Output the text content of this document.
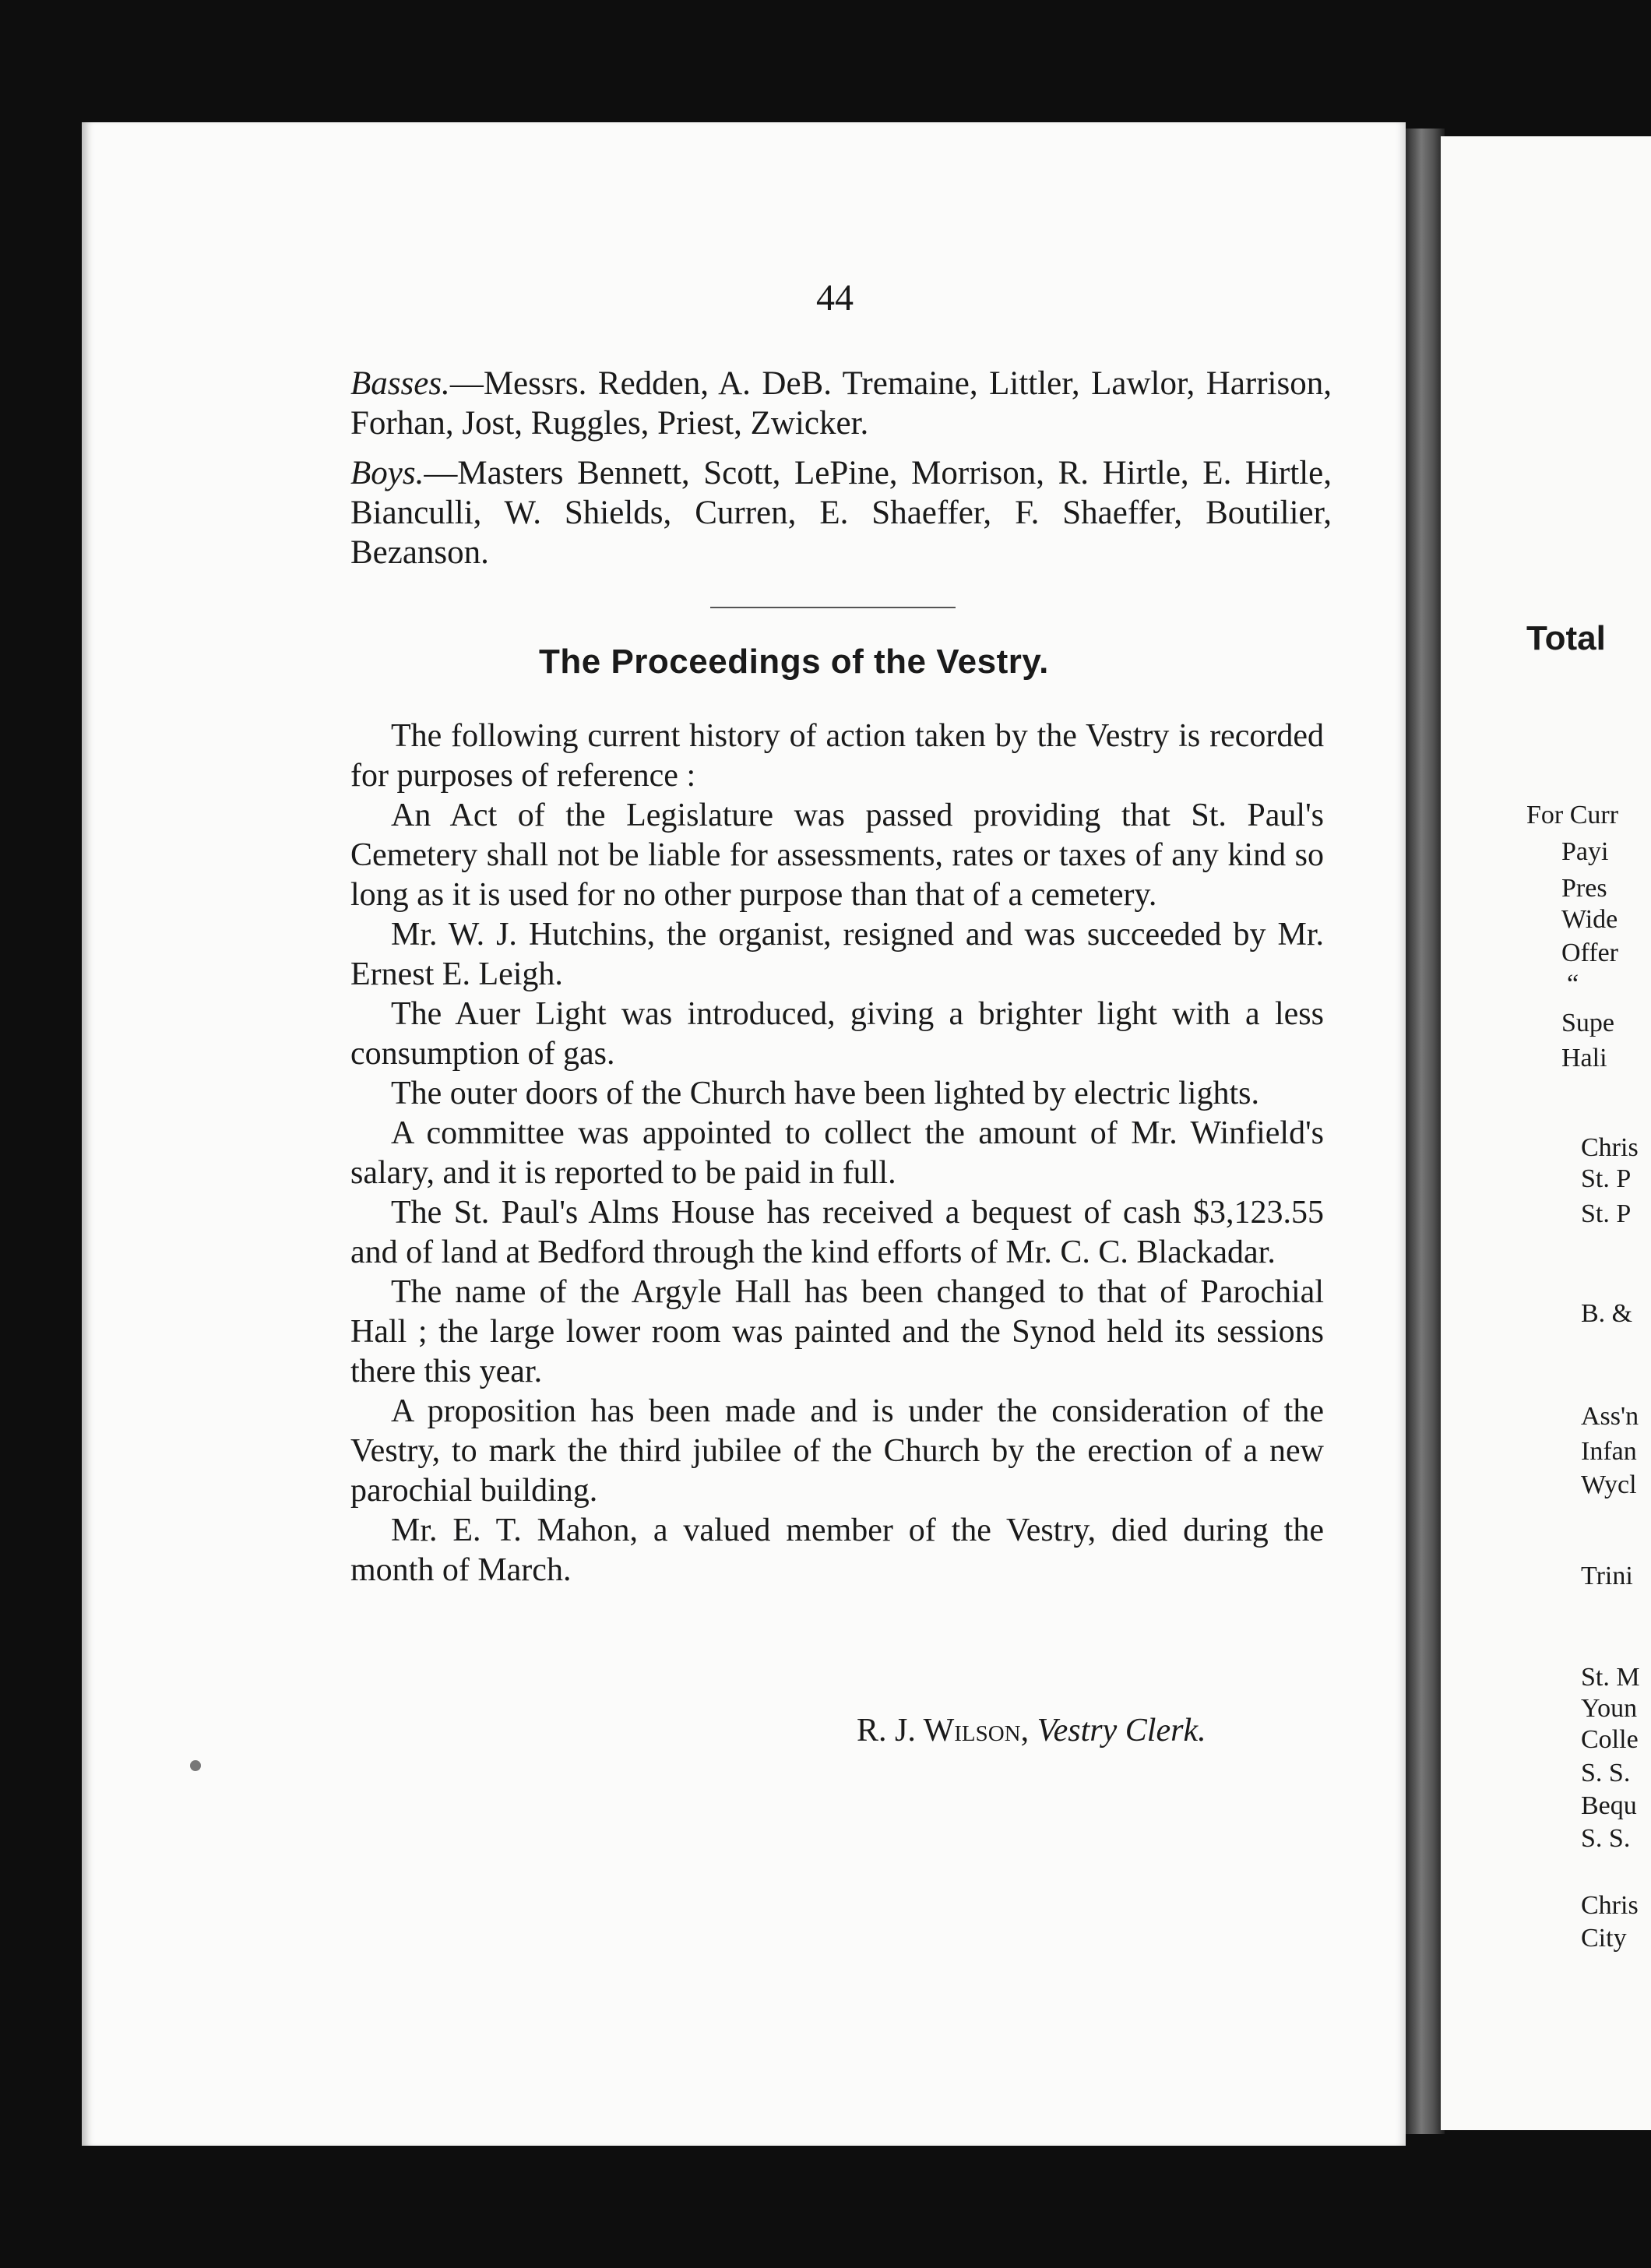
44
Basses.—Messrs. Redden, A. DeB. Tremaine, Littler, Lawlor, Harrison, Forhan, Jost, Ruggles, Priest, Zwicker.
Boys.—Masters Bennett, Scott, LePine, Morrison, R. Hirtle, E. Hirtle, Bianculli, W. Shields, Curren, E. Shaeffer, F. Shaeffer, Boutilier, Bezanson.
The Proceedings of the Vestry.

The following current history of action taken by the Vestry is recorded for purposes of reference :

An Act of the Legislature was passed providing that St. Paul's Cemetery shall not be liable for assessments, rates or taxes of any kind so long as it is used for no other purpose than that of a cemetery.

Mr. W. J. Hutchins, the organist, resigned and was succeeded by Mr. Ernest E. Leigh.

The Auer Light was introduced, giving a brighter light with a less consumption of gas.

The outer doors of the Church have been lighted by electric lights.

A committee was appointed to collect the amount of Mr. Winfield's salary, and it is reported to be paid in full.

The St. Paul's Alms House has received a bequest of cash $3,123.55 and of land at Bedford through the kind efforts of Mr. C. C. Blackadar.

The name of the Argyle Hall has been changed to that of Parochial Hall ; the large lower room was painted and the Synod held its sessions there this year.

A proposition has been made and is under the consideration of the Vestry, to mark the third jubilee of the Church by the erection of a new parochial building.

Mr. E. T. Mahon, a valued member of the Vestry, died during the month of March.

R. J. Wilson, Vestry Clerk.
Total
For Curr
Payi
Pres
Wide
Offer
“
Supe
Hali
Chris
St. P
St. P
B. &
Ass'n
Infan
Wycl
Trini
St. M
Youn
Colle
S. S.
Bequ
S. S.
Chris
City
